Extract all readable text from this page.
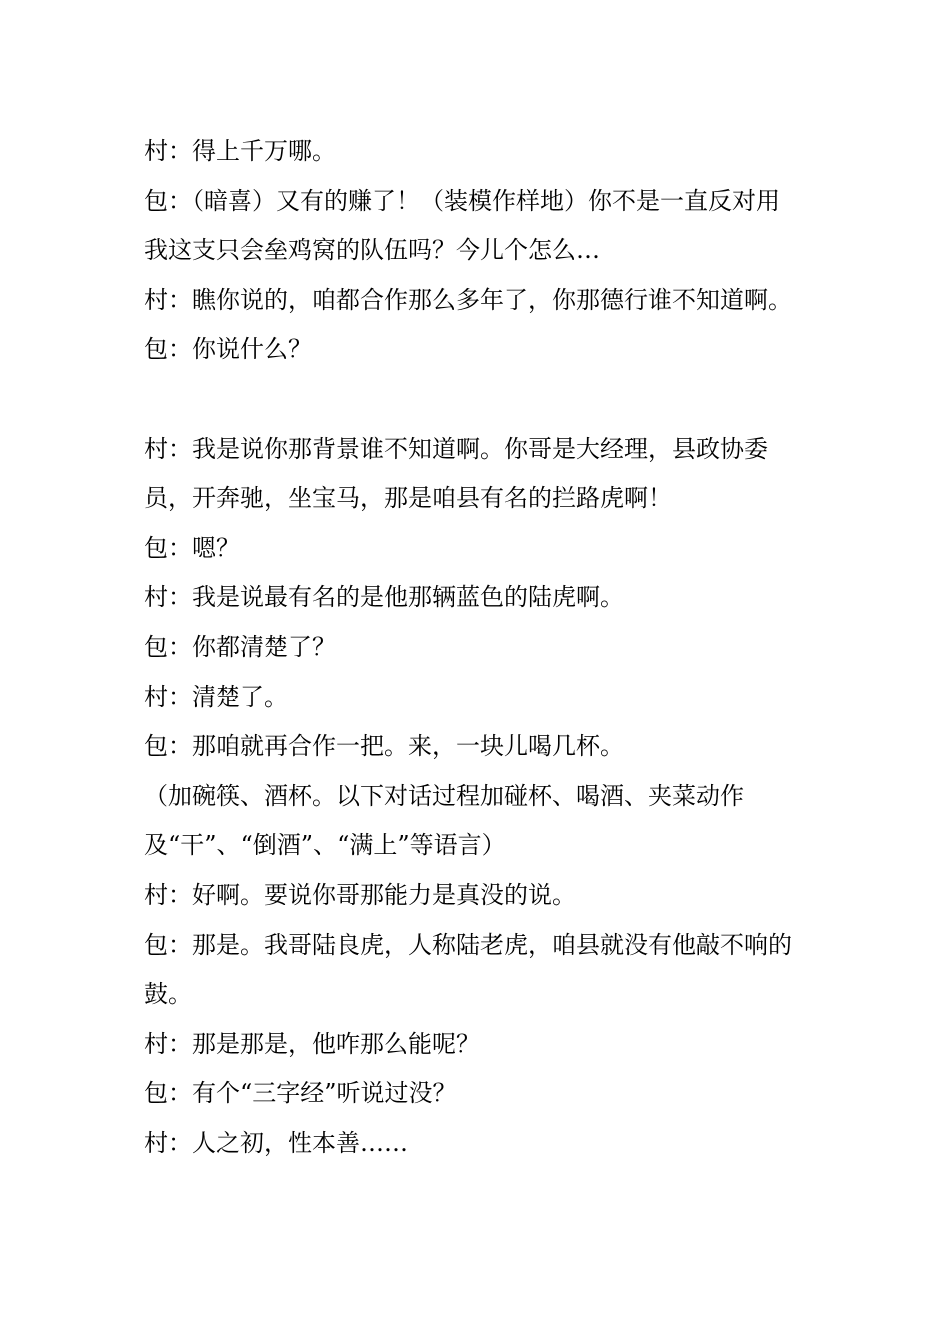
村：得上千万哪。

包：（暗喜）又有的赚了！（装模作样地）你不是一直反对用我这支只会垒鸡窝的队伍吗？今儿个怎么…

村：瞧你说的，咱都合作那么多年了，你那德行谁不知道啊。

包：你说什么？

村：我是说你那背景谁不知道啊。你哥是大经理，县政协委员，开奔驰，坐宝马，那是咱县有名的拦路虎啊！

包：嗯？

村：我是说最有名的是他那辆蓝色的陆虎啊。

包：你都清楚了？

村：清楚了。

包：那咱就再合作一把。来，一块儿喝几杯。

（加碗筷、酒杯。以下对话过程加碰杯、喝酒、夹菜动作及“干”、“倒酒”、“满上”等语言）

村：好啊。要说你哥那能力是真没的说。

包：那是。我哥陆良虎，人称陆老虎，咱县就没有他敲不响的鼓。

村：那是那是，他咋那么能呢？

包：有个“三字经”听说过没？

村：人之初，性本善……
